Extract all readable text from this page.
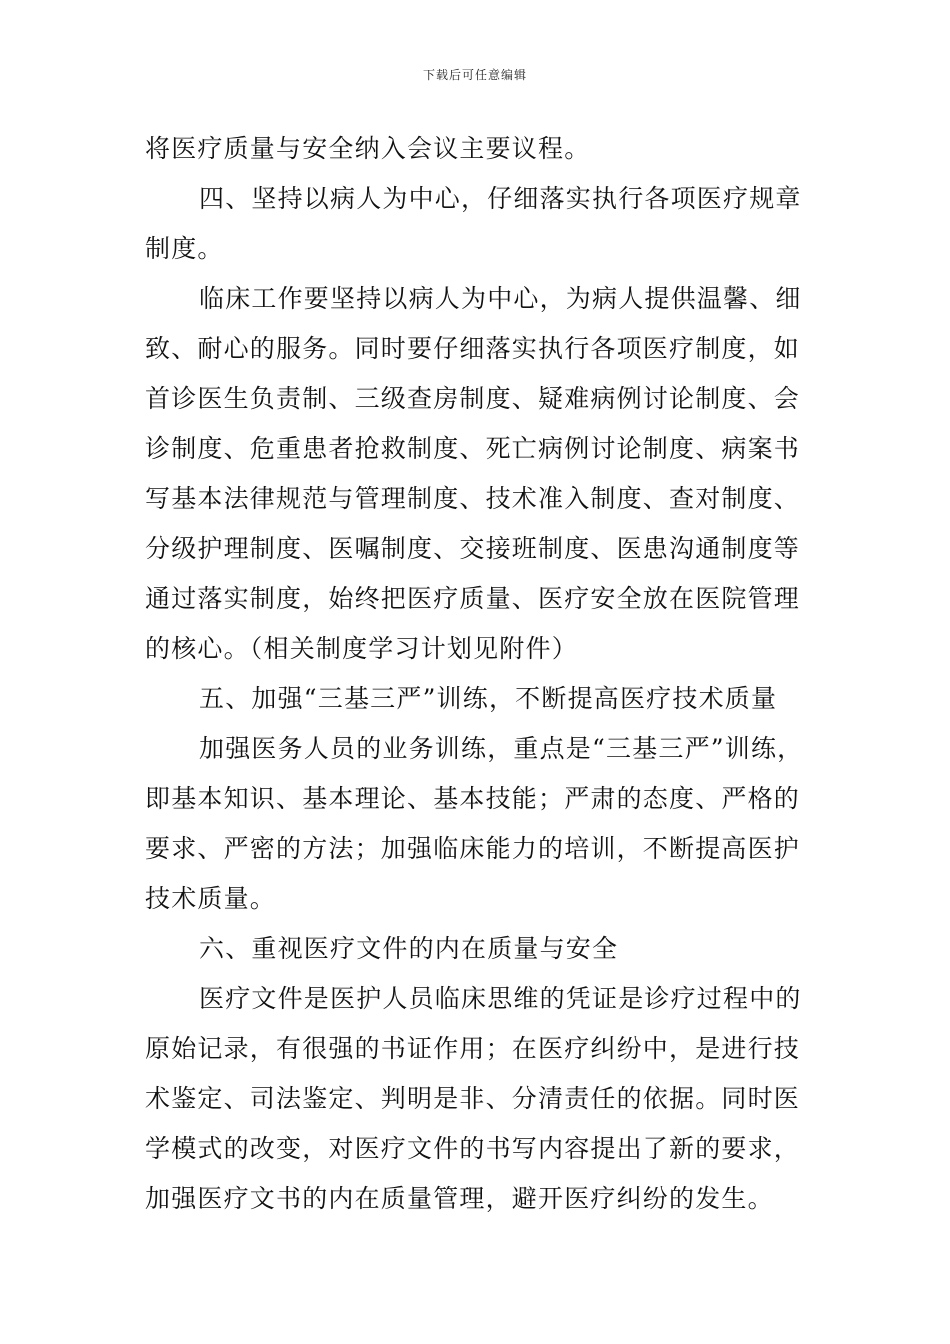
下载后可任意编辑
将医疗质量与安全纳入会议主要议程。
四、坚持以病人为中心，仔细落实执行各项医疗规章
制度。
临床工作要坚持以病人为中心，为病人提供温馨、细
致、耐心的服务。同时要仔细落实执行各项医疗制度，如
首诊医生负责制、三级查房制度、疑难病例讨论制度、会
诊制度、危重患者抢救制度、死亡病例讨论制度、病案书
写基本法律规范与管理制度、技术准入制度、查对制度、
分级护理制度、医嘱制度、交接班制度、医患沟通制度等
通过落实制度，始终把医疗质量、医疗安全放在医院管理
的核心。（相关制度学习计划见附件）
五、加强“三基三严”训练，不断提高医疗技术质量
加强医务人员的业务训练，重点是“三基三严”训练，
即基本知识、基本理论、基本技能；严肃的态度、严格的
要求、严密的方法；加强临床能力的培训，不断提高医护
技术质量。
六、重视医疗文件的内在质量与安全
医疗文件是医护人员临床思维的凭证是诊疗过程中的
原始记录，有很强的书证作用；在医疗纠纷中，是进行技
术鉴定、司法鉴定、判明是非、分清责任的依据。同时医
学模式的改变，对医疗文件的书写内容提出了新的要求，
加强医疗文书的内在质量管理，避开医疗纠纷的发生。
